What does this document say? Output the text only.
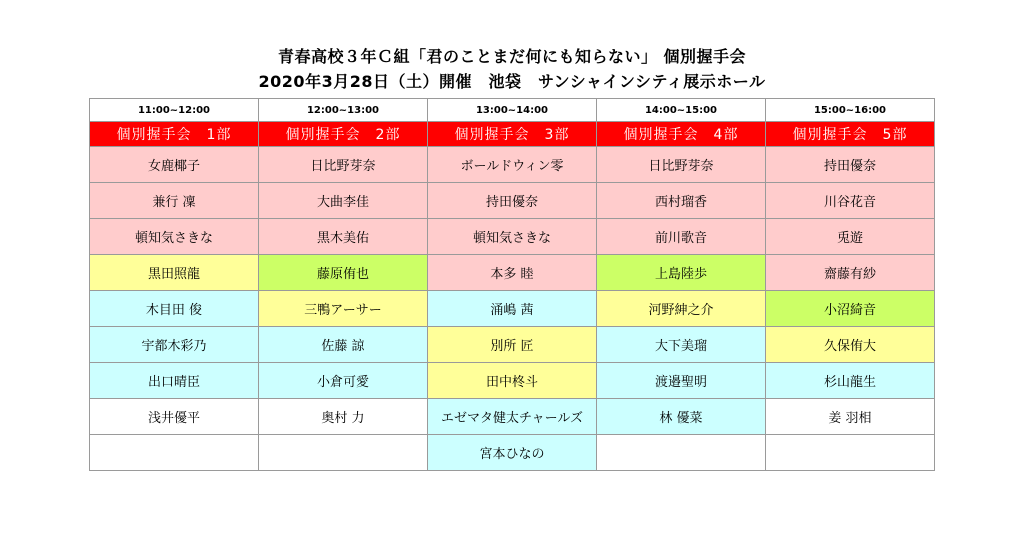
青春高校３年Ｃ組「君のことまだ何にも知らない」 個別握手会
2020年3月28日（土）開催　池袋　サンシャインシティ展示ホール
11:00~12:00	12:00~13:00	13:00~14:00	14:00~15:00	15:00~16:00
個別握手会　1部	個別握手会　2部	個別握手会　3部	個別握手会　4部	個別握手会　5部
女鹿椰子	日比野芽奈	ボールドウィン零	日比野芽奈	持田優奈
兼行 凜	大曲李佳	持田優奈	西村瑠香	川谷花音
頓知気さきな	黒木美佑	頓知気さきな	前川歌音	兎遊
黒田照龍	藤原侑也	本多 睦	上島陸歩	齋藤有紗
木目田 俊	三鴨アーサー	涌嶋 茜	河野紳之介	小沼綺音
宇都木彩乃	佐藤 諒	別所 匠	大下美瑠	久保侑大
出口晴臣	小倉可愛	田中柊斗	渡邉聖明	杉山龍生
浅井優平	奥村 力	エゼマタ健太チャールズ	林 優菜	姜 羽相
		宮本ひなの		
